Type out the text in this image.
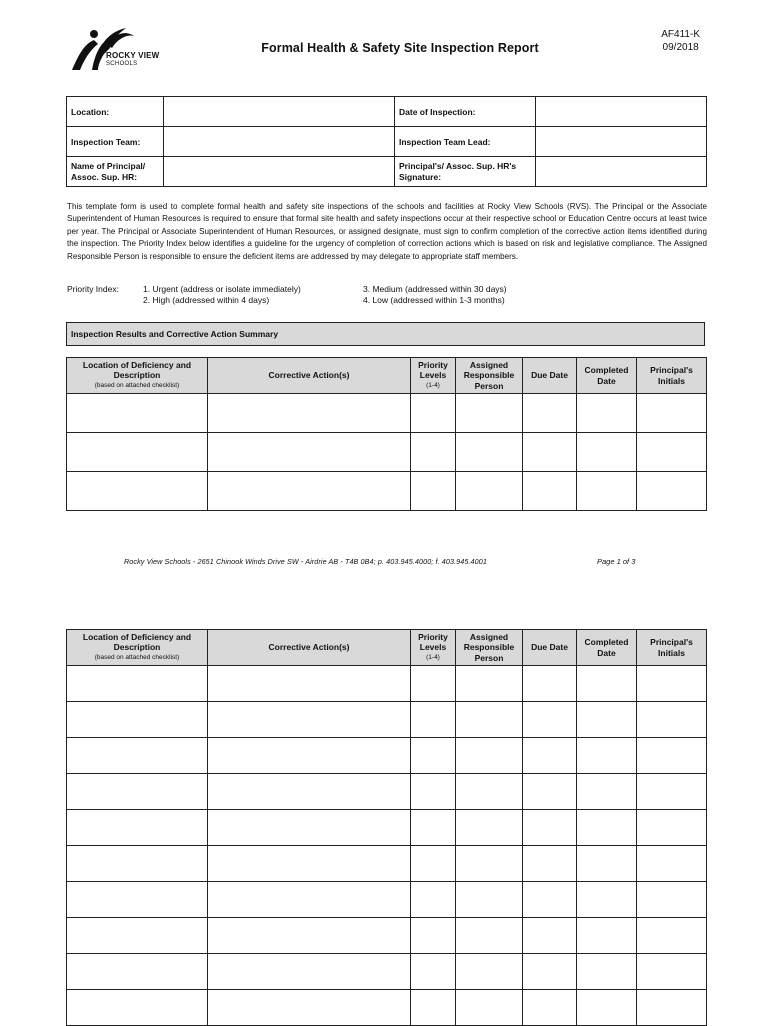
ROCKY VIEW
SCHOOLS
Formal Health & Safety Site Inspection Report
AF411-K
09/2018
Location:		Date of Inspection:	
Inspection Team:		Inspection Team Lead:	
Name of Principal/ Assoc. Sup. HR:		Principal's/ Assoc. Sup. HR's Signature:	
This template form is used to complete formal health and safety site inspections of the schools and facilities at Rocky View Schools (RVS). The Principal or the Associate Superintendent of Human Resources is required to ensure that formal site health and safety inspections occur at their respective school or Education Centre occurs at least twice per year. The Principal or Associate Superintendent of Human Resources, or assigned designate, must sign to confirm completion of the corrective action items identified during the inspection. The Priority Index below identifies a guideline for the urgency of completion of correction actions which is based on risk and legislative compliance. The Assigned Responsible Person is responsible to ensure the deficient items are addressed by may delegate to appropriate staff members.
Priority Index:	1. Urgent (address or isolate immediately)
2. High (addressed within 4 days)
3. Medium (addressed within 30 days)
4. Low (addressed within 1-3 months)
Inspection Results and Corrective Action Summary
Location of Deficiency and
Description
(based on attached checklist)	Corrective Action(s)	Priority
Levels
(1-4)	Assigned
Responsible
Person	Due Date	Completed
Date	Principal's
Initials

Rocky View Schools - 2651 Chinook Winds Drive SW - Airdrie AB - T4B 0B4; p. 403.945.4000; f. 403.945.4001	Page 1 of 3
Location of Deficiency and
Description
(based on attached checklist)	Corrective Action(s)	Priority
Levels
(1-4)	Assigned
Responsible
Person	Due Date	Completed
Date	Principal's
Initials
